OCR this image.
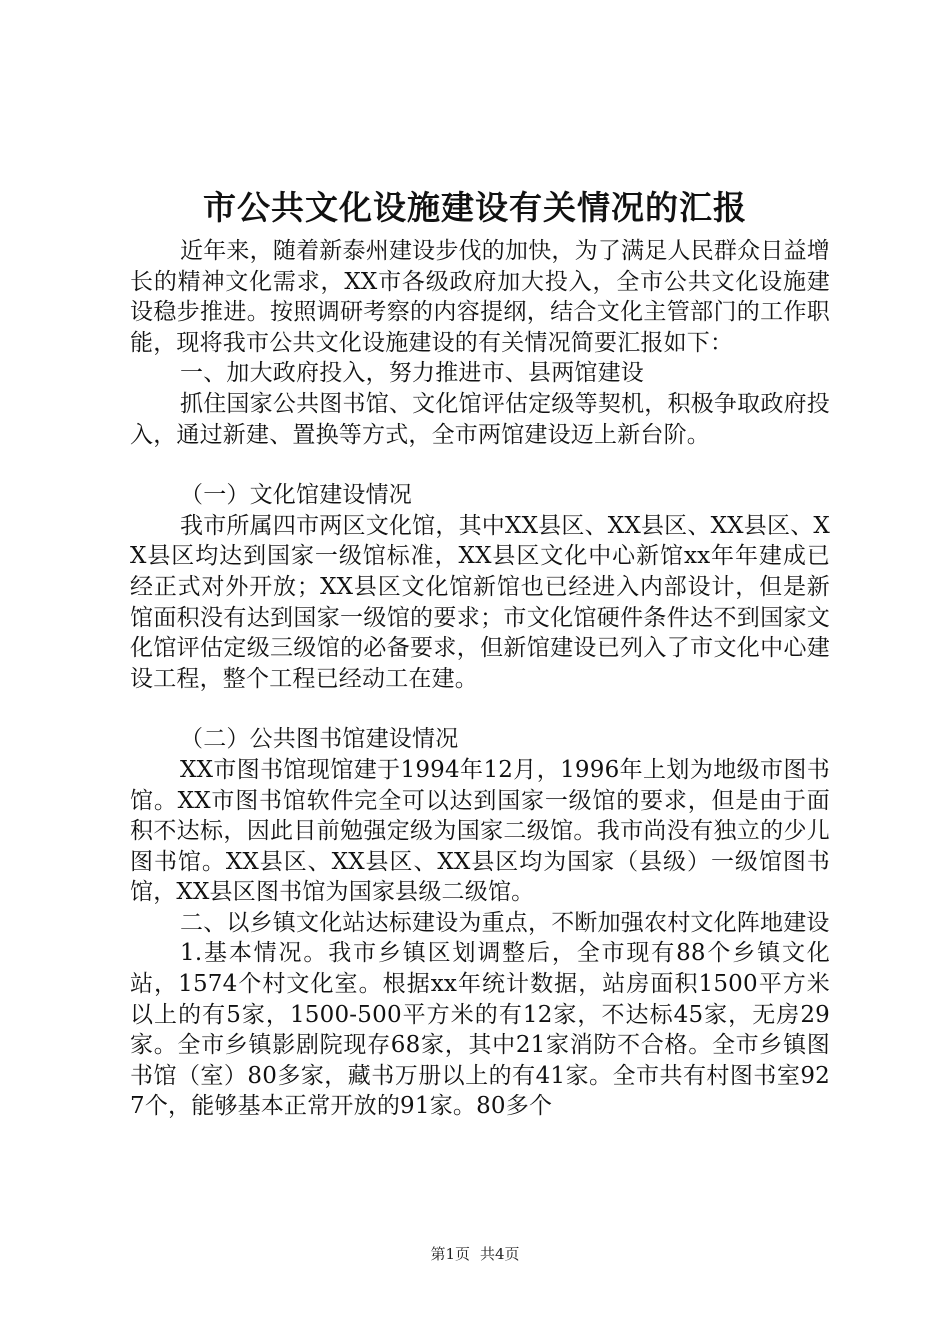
市公共文化设施建设有关情况的汇报

近年来，随着新泰州建设步伐的加快，为了满足人民群众日益增长的精神文化需求，XX市各级政府加大投入，全市公共文化设施建设稳步推进。按照调研考察的内容提纲，结合文化主管部门的工作职能，现将我市公共文化设施建设的有关情况简要汇报如下：

一、加大政府投入，努力推进市、县两馆建设

抓住国家公共图书馆、文化馆评估定级等契机，积极争取政府投入，通过新建、置换等方式，全市两馆建设迈上新台阶。

（一）文化馆建设情况

我市所属四市两区文化馆，其中XX县区、XX县区、XX县区、XX县区均达到国家一级馆标准，XX县区文化中心新馆xx年年建成已经正式对外开放；XX县区文化馆新馆也已经进入内部设计，但是新馆面积没有达到国家一级馆的要求；市文化馆硬件条件达不到国家文化馆评估定级三级馆的必备要求，但新馆建设已列入了市文化中心建设工程，整个工程已经动工在建。

（二）公共图书馆建设情况

XX市图书馆现馆建于1994年12月，1996年上划为地级市图书馆。XX市图书馆软件完全可以达到国家一级馆的要求，但是由于面积不达标，因此目前勉强定级为国家二级馆。我市尚没有独立的少儿图书馆。XX县区、XX县区、XX县区均为国家（县级）一级馆图书馆，XX县区图书馆为国家县级二级馆。

二、以乡镇文化站达标建设为重点，不断加强农村文化阵地建设

1.基本情况。我市乡镇区划调整后，全市现有88个乡镇文化站，1574个村文化室。根据xx年统计数据，站房面积1500平方米以上的有5家，1500-500平方米的有12家，不达标45家，无房29家。全市乡镇影剧院现存68家，其中21家消防不合格。全市乡镇图书馆（室）80多家，藏书万册以上的有41家。全市共有村图书室927个，能够基本正常开放的91家。80多个

第1页 共4页
